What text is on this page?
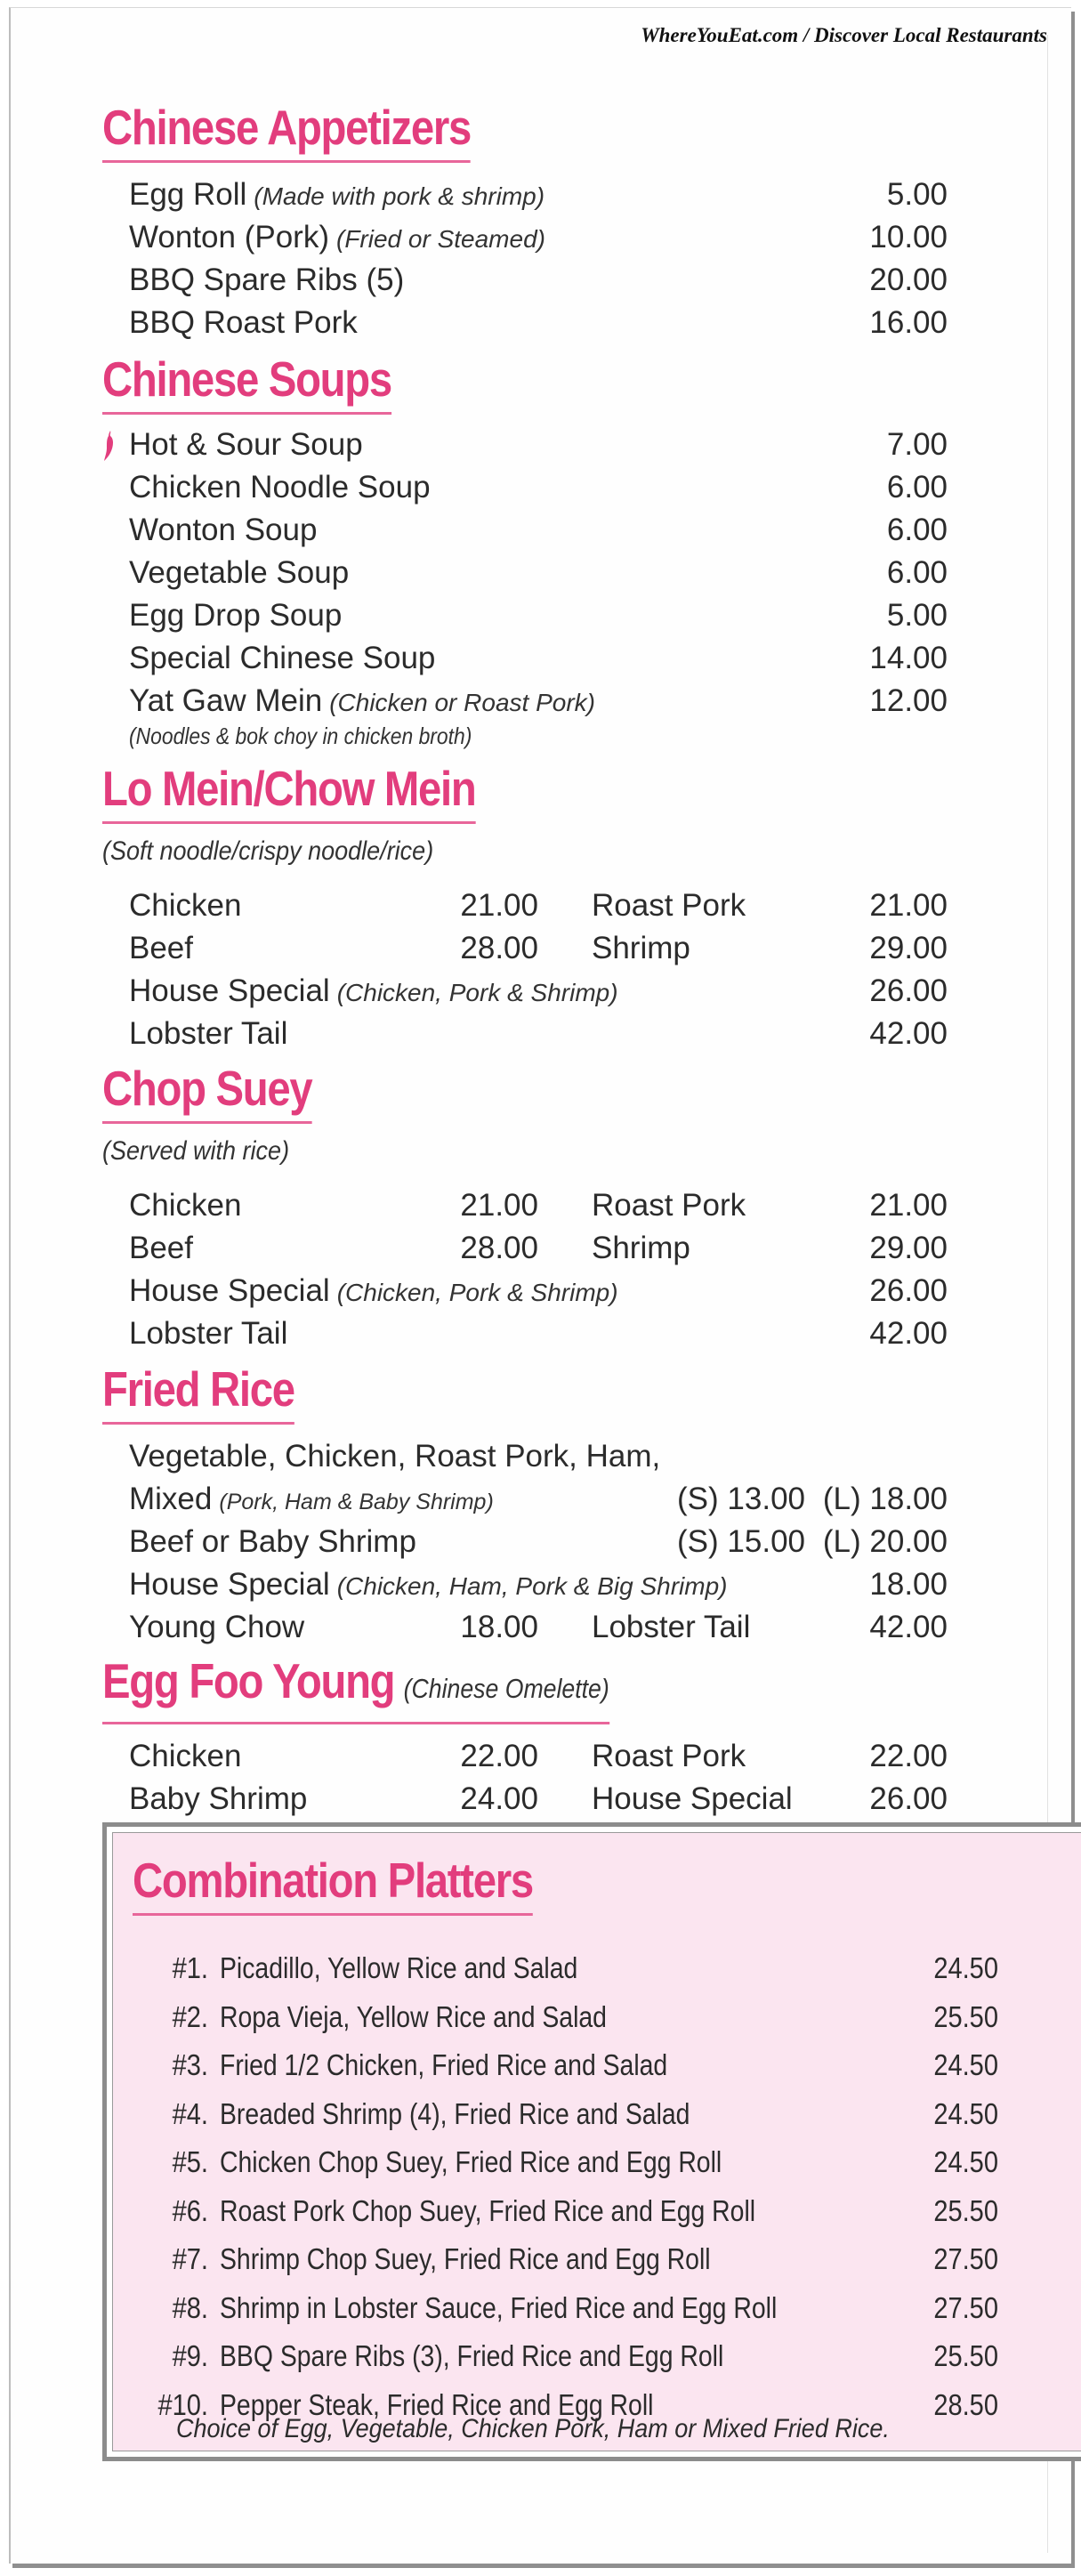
WhereYouEat.com / Discover Local Restaurants
Chinese Appetizers
Egg Roll (Made with pork & shrimp)	5.00
Wonton (Pork) (Fried or Steamed)	10.00
BBQ Spare Ribs (5)	20.00
BBQ Roast Pork	16.00
Chinese Soups
Hot & Sour Soup	7.00
Chicken Noodle Soup	6.00
Wonton Soup	6.00
Vegetable Soup	6.00
Egg Drop Soup	5.00
Special Chinese Soup	14.00
Yat Gaw Mein (Chicken or Roast Pork)	12.00
(Noodles & bok choy in chicken broth)
Lo Mein/Chow Mein
(Soft noodle/crispy noodle/rice)
Chicken	21.00 Roast Pork	21.00
Beef	28.00 Shrimp	29.00
House Special (Chicken, Pork & Shrimp)	26.00
Lobster Tail	42.00
Chop Suey
(Served with rice)
Chicken	21.00 Roast Pork	21.00
Beef	28.00 Shrimp	29.00
House Special (Chicken, Pork & Shrimp)	26.00
Lobster Tail	42.00
Fried Rice
Vegetable, Chicken, Roast Pork, Ham,
Mixed (Pork, Ham & Baby Shrimp)	(S) 13.00 (L) 18.00
Beef or Baby Shrimp	(S) 15.00 (L) 20.00
House Special (Chicken, Ham, Pork & Big Shrimp)	18.00
Young Chow	18.00 Lobster Tail	42.00
Egg Foo Young (Chinese Omelette)
Chicken	22.00 Roast Pork	22.00
Baby Shrimp	24.00 House Special	26.00
Combination Platters
#1. Picadillo, Yellow Rice and Salad	24.50
#2. Ropa Vieja, Yellow Rice and Salad	25.50
#3. Fried 1/2 Chicken, Fried Rice and Salad	24.50
#4. Breaded Shrimp (4), Fried Rice and Salad	24.50
#5. Chicken Chop Suey, Fried Rice and Egg Roll	24.50
#6. Roast Pork Chop Suey, Fried Rice and Egg Roll	25.50
#7. Shrimp Chop Suey, Fried Rice and Egg Roll	27.50
#8. Shrimp in Lobster Sauce, Fried Rice and Egg Roll	27.50
#9. BBQ Spare Ribs (3), Fried Rice and Egg Roll	25.50
#10. Pepper Steak, Fried Rice and Egg Roll	28.50
Choice of Egg, Vegetable, Chicken Pork, Ham or Mixed Fried Rice.
